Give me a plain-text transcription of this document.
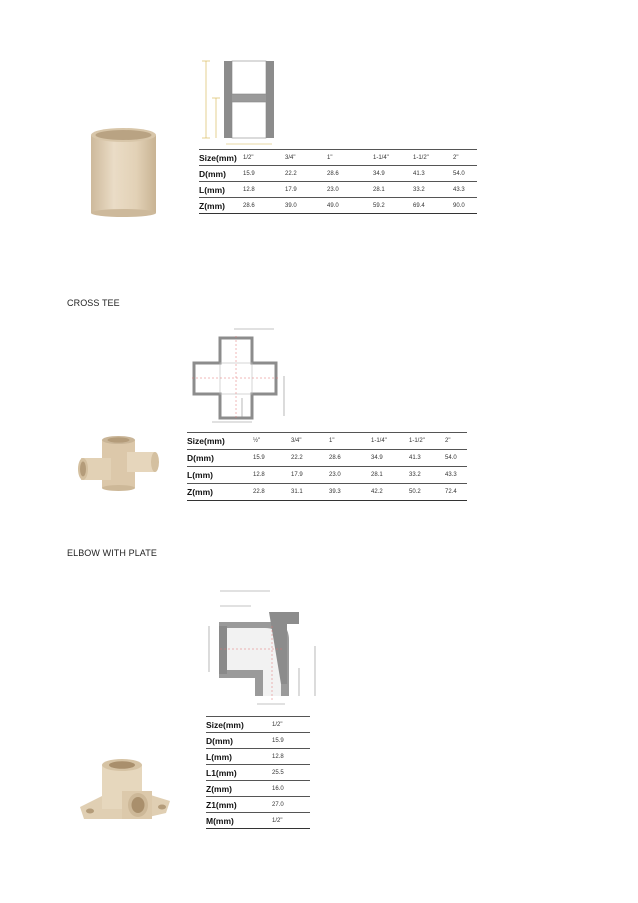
Size(mm)	1/2"	3/4"	1"	1-1/4"	1-1/2"	2"
D(mm)	15.9	22.2	28.6	34.9	41.3	54.0
L(mm)	12.8	17.9	23.0	28.1	33.2	43.3
Z(mm)	28.6	39.0	49.0	59.2	69.4	90.0
CROSS TEE
Size(mm)	½"	3/4"	1"	1-1/4"	1-1/2"	2"
D(mm)	15.9	22.2	28.6	34.9	41.3	54.0
L(mm)	12.8	17.9	23.0	28.1	33.2	43.3
Z(mm)	22.8	31.1	39.3	42.2	50.2	72.4
ELBOW WITH PLATE
Size(mm)	1/2"
D(mm)	15.9
L(mm)	12.8
L1(mm)	25.5
Z(mm)	16.0
Z1(mm)	27.0
M(mm)	1/2"
